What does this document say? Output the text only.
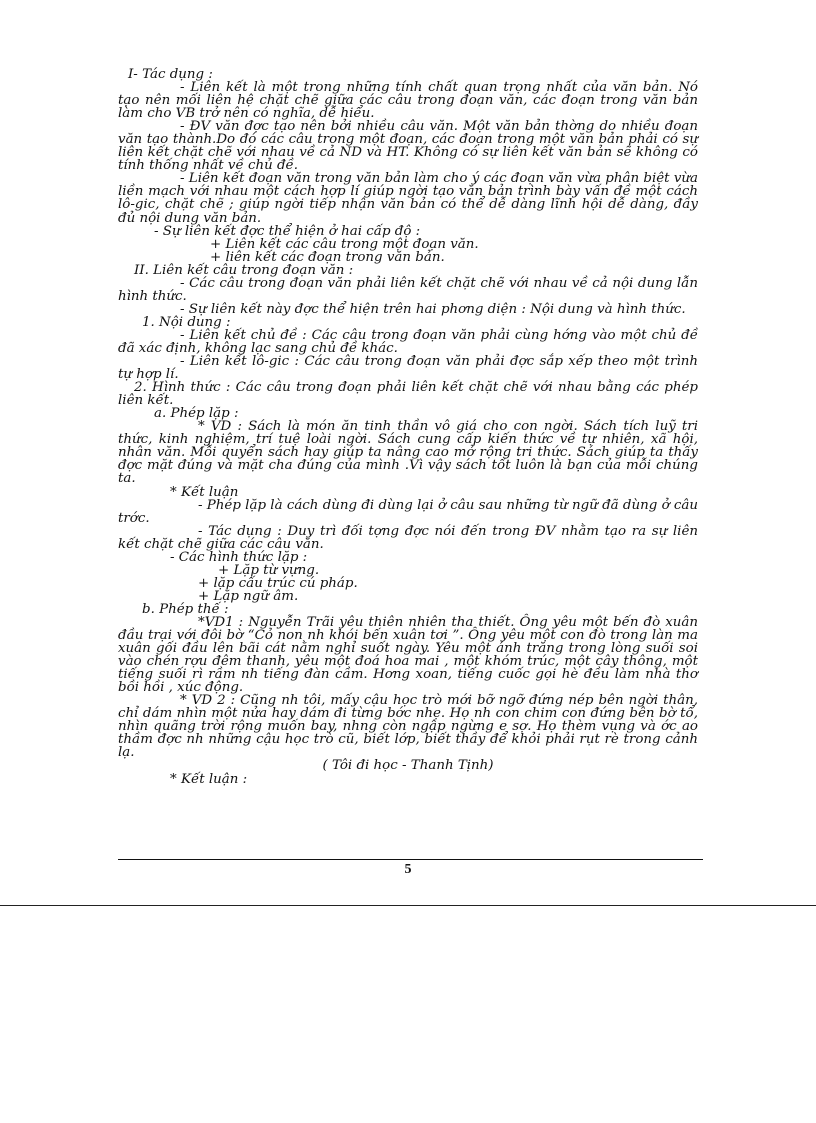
I- Tác dụng :

- Liên kết là một trong những tính chất quan trọng nhất của văn bản. Nó tạo nên mối liên hệ chặt chẽ giữa các câu trong đoạn văn, các đoạn trong văn bản làm cho VB trở nên có nghĩa, dễ hiểu.

- ĐV văn đợc tạo nên bởi nhiều câu văn. Một văn bản thờng do nhiều đoạn văn tạo thành.Do đó các câu trong một đoạn, các đoạn trong một văn bản phải có sự liên kết chặt chẽ với nhau về cả ND và HT. Không có sự liên kết văn bản sẽ không có tính thống nhất về chủ đề.

- Liên kết đoạn văn trong văn bản làm cho ý các đoạn văn vừa phân biệt vừa liền mạch với nhau một cách hợp lí giúp ngời tạo văn bản trình bày vấn đề một cách lô-gic, chặt chẽ ; giúp ngời tiếp nhận văn bản có thể dễ dàng lĩnh hội dễ dàng, đầy đủ nội dung văn bản.

- Sự liên kết đợc thể hiện ở hai cấp độ :

+ Liên kết các câu trong một đoạn văn.

+ liên kết các đoạn trong văn bản.

II. Liên kết câu trong đoạn văn :

- Các câu trong đoạn văn phải liên kết chặt chẽ với nhau về cả nội dung lẫn hình thức.

- Sự liên kết này đợc thể hiện trên hai phơng diện : Nội dung và hình thức.

1. Nội dung :

- Liên kết chủ đề : Các câu trong đoạn văn phải cùng hớng vào một chủ đề đã xác định, không lạc sang chủ đề khác.

- Liên kết lô-gic : Các câu trong đoạn văn phải đợc sắp xếp theo một trình tự hợp lí.

2. Hình thức : Các câu trong đoạn phải liên kết chặt chẽ với nhau bằng các phép liên kết.

a. Phép lặp :

* VD : Sách là món ăn tinh thần vô giá cho con ngời. Sách tích luỹ tri thức, kinh nghiệm, trí tuệ loài ngời. Sách cung cấp kiến thức về tự nhiên, xã hội, nhân văn. Mỗi quyển sách hay giúp ta nâng cao mở rộng tri thức. Sách giúp ta thấy đợc mặt đúng và mặt cha đúng của mình .Vì vậy sách tốt luôn là bạn của mỗi chúng ta.

* Kết luận

- Phép lặp là cách dùng đi dùng lại ở câu sau những từ ngữ đã dùng ở câu trớc.

- Tác dụng : Duy trì đối tợng đợc nói đến trong ĐV nhằm tạo ra sự liên kết chặt chẽ giữa các câu văn.

- Các hình thức lặp :

+ Lặp từ vựng.

+ lặp cấu trúc cú pháp.

+ Lặp ngữ âm.

b. Phép thế :

*VD1 : Nguyễn Trãi yêu thiên nhiên tha thiết. Ông yêu một bến đò xuân đầu trại với đôi bờ “Cỏ non nh khói bến xuân tơi ”. Ông yêu một con đò trong làn ma xuân gối đầu lên bãi cát nằm nghỉ suốt ngày. Yêu một ánh trăng trong lòng suối soi vào chén rợu đêm thanh, yêu một đoá hoa mai , một khóm trúc, một cây thông, một tiếng suối rì rầm nh tiếng đàn cầm. Hơng xoan, tiếng cuốc gọi hè đều làm nhà thơ bồi hồi , xúc động.

* VD 2 : Cũng nh tôi, mấy cậu học trò mới bỡ ngỡ đứng nép bên ngời thân, chỉ dám nhìn một nửa hay dám đi từng bớc nhẹ. Họ nh con chim con đứng bên bờ tổ, nhìn quãng trời rộng muốn bay, nhng còn ngập ngừng e sợ. Họ thèm vụng và ớc ao thầm đợc nh những cậu học trò cũ, biết lớp, biết thầy để khỏi phải rụt rè trong cảnh lạ.

( Tôi đi học - Thanh Tịnh)

* Kết luận :

5
